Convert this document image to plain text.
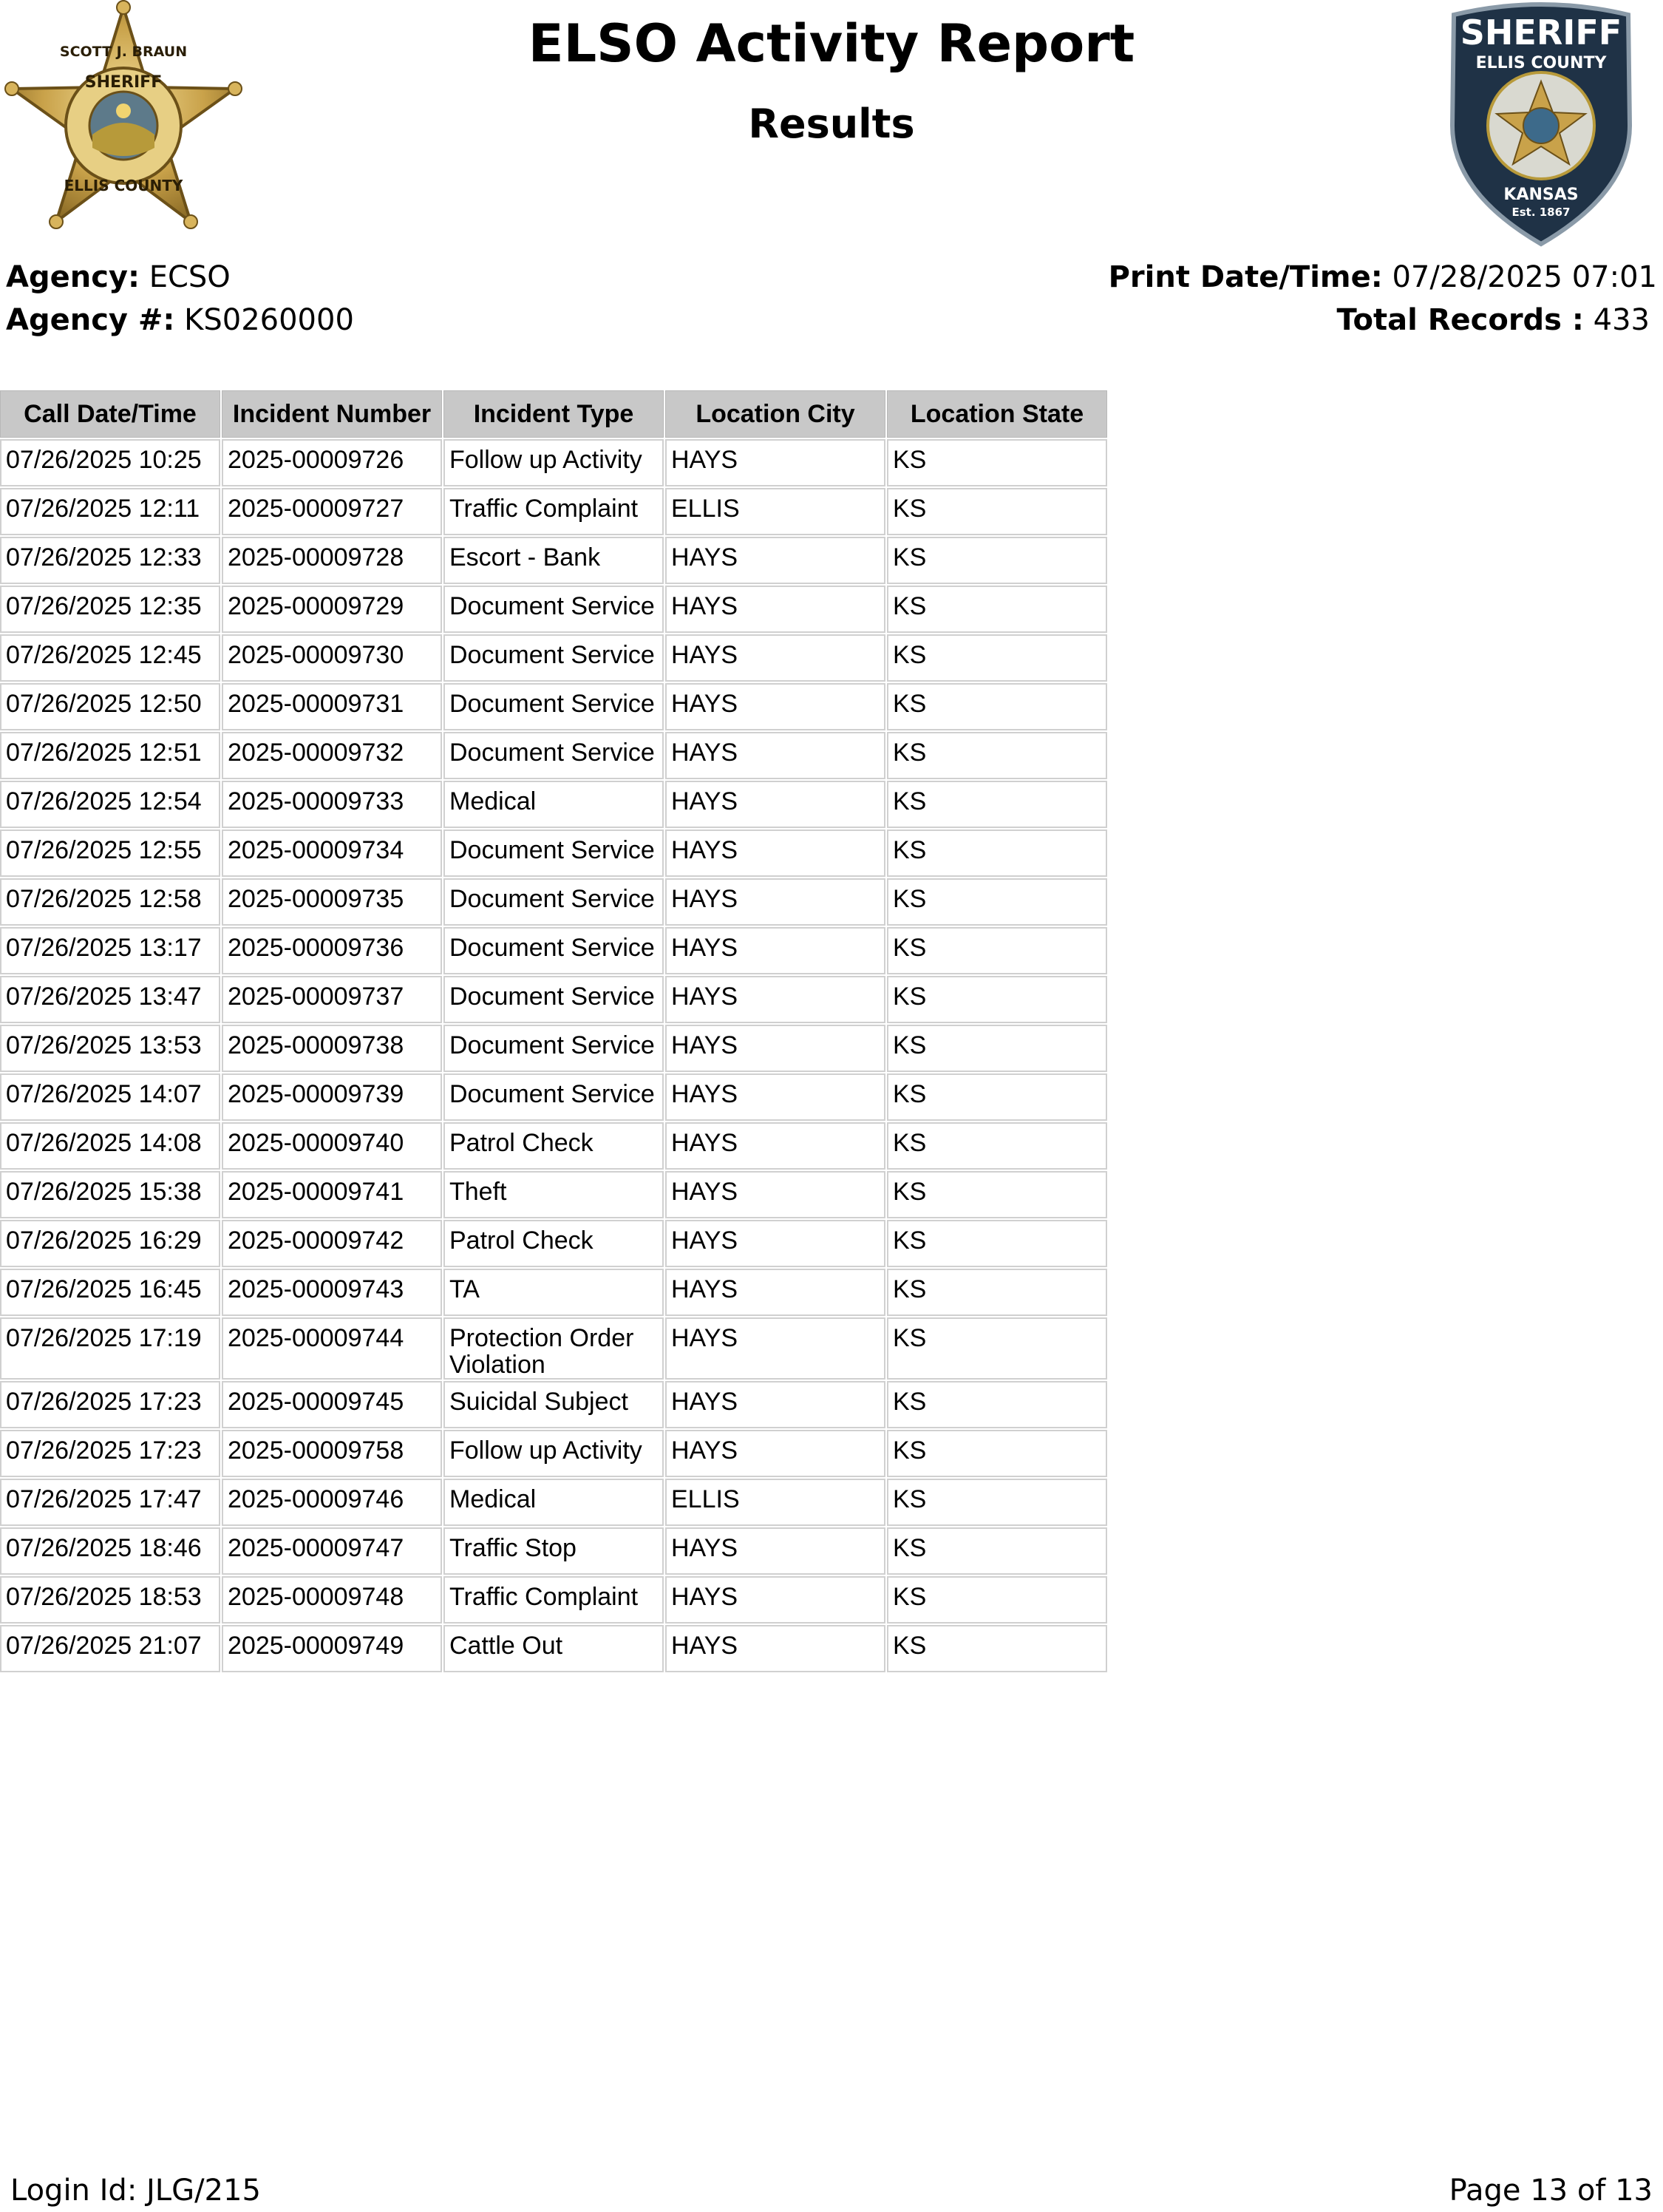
SHERIFF
SCOTT J. BRAUN
ELLIS COUNTY
SHERIFF
ELLIS COUNTY
KANSAS
Est. 1867
ELSO Activity Report
Results
Agency: ECSO
Agency #: KS0260000
Print Date/Time: 07/28/2025 07:01
Total Records : 433
Call Date/Time	Incident Number	Incident Type	Location City	Location State
07/26/2025 10:25	2025-00009726	Follow up Activity	HAYS	KS
07/26/2025 12:11	2025-00009727	Traffic Complaint	ELLIS	KS
07/26/2025 12:33	2025-00009728	Escort - Bank	HAYS	KS
07/26/2025 12:35	2025-00009729	Document Service	HAYS	KS
07/26/2025 12:45	2025-00009730	Document Service	HAYS	KS
07/26/2025 12:50	2025-00009731	Document Service	HAYS	KS
07/26/2025 12:51	2025-00009732	Document Service	HAYS	KS
07/26/2025 12:54	2025-00009733	Medical	HAYS	KS
07/26/2025 12:55	2025-00009734	Document Service	HAYS	KS
07/26/2025 12:58	2025-00009735	Document Service	HAYS	KS
07/26/2025 13:17	2025-00009736	Document Service	HAYS	KS
07/26/2025 13:47	2025-00009737	Document Service	HAYS	KS
07/26/2025 13:53	2025-00009738	Document Service	HAYS	KS
07/26/2025 14:07	2025-00009739	Document Service	HAYS	KS
07/26/2025 14:08	2025-00009740	Patrol Check	HAYS	KS
07/26/2025 15:38	2025-00009741	Theft	HAYS	KS
07/26/2025 16:29	2025-00009742	Patrol Check	HAYS	KS
07/26/2025 16:45	2025-00009743	TA	HAYS	KS
07/26/2025 17:19	2025-00009744	Protection Order Violation	HAYS	KS
07/26/2025 17:23	2025-00009745	Suicidal Subject	HAYS	KS
07/26/2025 17:23	2025-00009758	Follow up Activity	HAYS	KS
07/26/2025 17:47	2025-00009746	Medical	ELLIS	KS
07/26/2025 18:46	2025-00009747	Traffic Stop	HAYS	KS
07/26/2025 18:53	2025-00009748	Traffic Complaint	HAYS	KS
07/26/2025 21:07	2025-00009749	Cattle Out	HAYS	KS
Login Id: JLG/215	Page 13 of 13
